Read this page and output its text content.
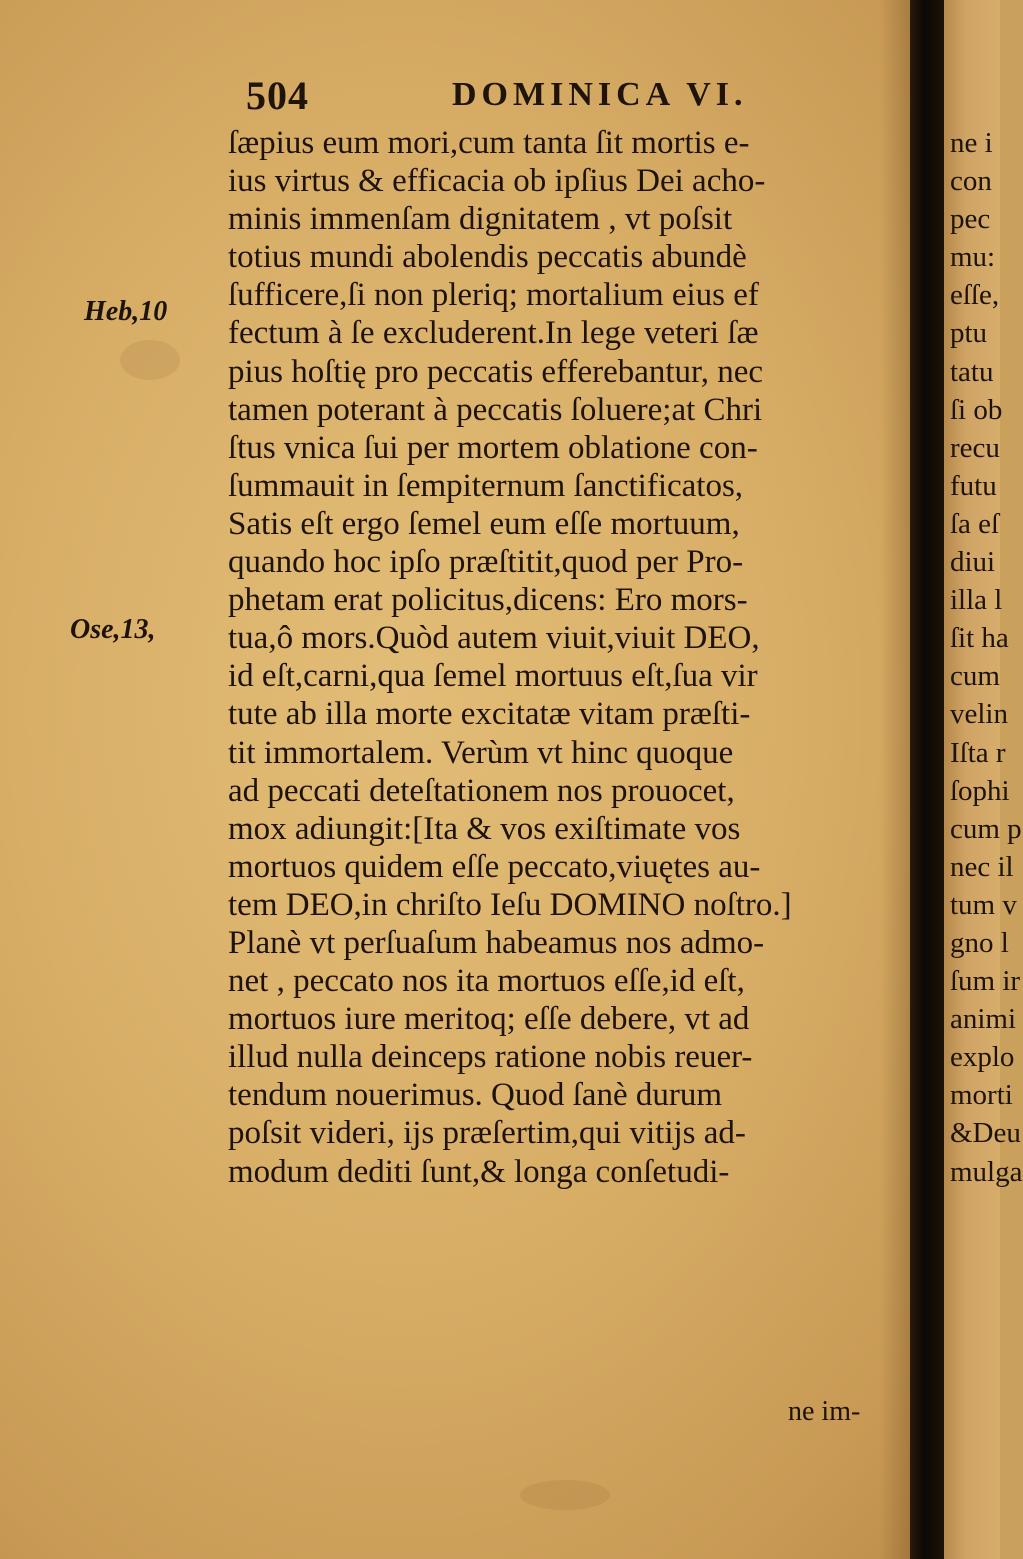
504	DOMINICA VI.
Heb,10
Ose,13,
ſæpius eum mori,cum tanta ſit mortis e-
ius virtus & efficacia ob ipſius Dei acho-
minis immenſam dignitatem , vt poſsit
totius mundi abolendis peccatis abundè
ſufficere,ſi non pleriq; mortalium eius ef
fectum à ſe excluderent.In lege veteri ſæ
pius hoſtię pro peccatis efferebantur, nec
tamen poterant à peccatis ſoluere;at Chri
ſtus vnica ſui per mortem oblatione con-
ſummauit in ſempiternum ſanctificatos,
Satis eſt ergo ſemel eum eſſe mortuum,
quando hoc ipſo præſtitit,quod per Pro-
phetam erat policitus,dicens: Ero mors-
tua,ô mors.Quòd autem viuit,viuit DEO,
id eſt,carni,qua ſemel mortuus eſt,ſua vir
tute ab illa morte excitatæ vitam præſti-
tit immortalem. Verùm vt hinc quoque
ad peccati deteſtationem nos prouocet,
mox adiungit:[Ita & vos exiſtimate vos
mortuos quidem eſſe peccato,viuętes au-
tem DEO,in chriſto Ieſu DOMINO noſtro.]
Planè vt perſuaſum habeamus nos admo-
net , peccato nos ita mortuos eſſe,id eſt,
mortuos iure meritoq; eſſe debere, vt ad
illud nulla deinceps ratione nobis reuer-
tendum nouerimus. Quod ſanè durum
poſsit videri, ijs præſertim,qui vitijs ad-
modum dediti ſunt,& longa conſetudi-
ne im-
ne i
con
pec
mu:
eſſe,
ptu
tatu
ſi ob
recu
futu
ſa eſ
diui
illa l
ſit ha
cum
velin
Iſta r
ſophi
cum p
nec il
tum v
gno l
ſum ir
animi
explo
morti
&Deu
mulga
